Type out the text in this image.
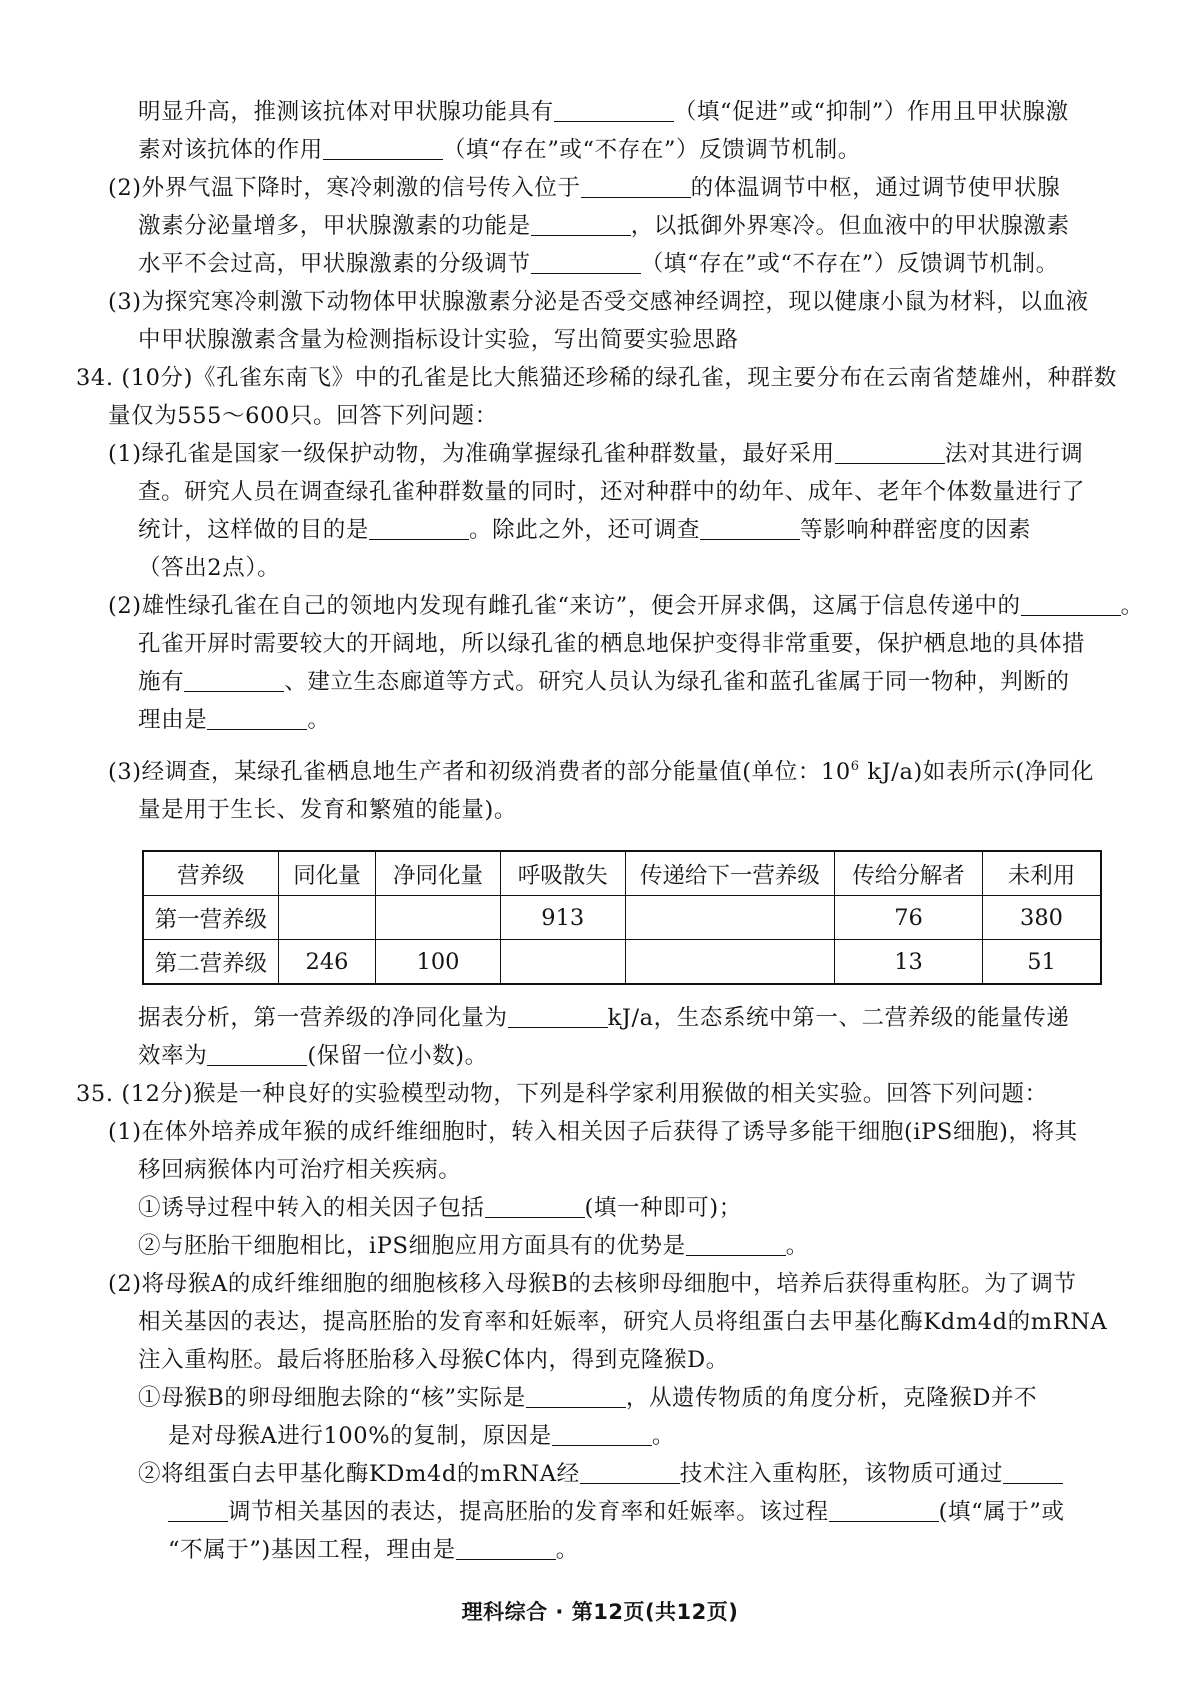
明显升高，推测该抗体对甲状腺功能具有	（填“促进”或“抑制”）作用且甲状腺激
素对该抗体的作用	（填“存在”或“不存在”）反馈调节机制。
(2)外界气温下降时，寒冷刺激的信号传入位于	的体温调节中枢，通过调节使甲状腺
激素分泌量增多，甲状腺激素的功能是	，以抵御外界寒冷。但血液中的甲状腺激素
水平不会过高，甲状腺激素的分级调节	（填“存在”或“不存在”）反馈调节机制。
(3)为探究寒冷刺激下动物体甲状腺激素分泌是否受交感神经调控，现以健康小鼠为材料，以血液
中甲状腺激素含量为检测指标设计实验，写出简要实验思路
34. (10分)《孔雀东南飞》中的孔雀是比大熊猫还珍稀的绿孔雀，现主要分布在云南省楚雄州，种群数
量仅为555～600只。回答下列问题：
(1)绿孔雀是国家一级保护动物，为准确掌握绿孔雀种群数量，最好采用	法对其进行调
查。研究人员在调查绿孔雀种群数量的同时，还对种群中的幼年、成年、老年个体数量进行了
统计，这样做的目的是	。除此之外，还可调查	等影响种群密度的因素
（答出2点）。
(2)雄性绿孔雀在自己的领地内发现有雌孔雀“来访”，便会开屏求偶，这属于信息传递中的	。
孔雀开屏时需要较大的开阔地，所以绿孔雀的栖息地保护变得非常重要，保护栖息地的具体措
施有	、建立生态廊道等方式。研究人员认为绿孔雀和蓝孔雀属于同一物种，判断的
理由是	。
(3)经调查，某绿孔雀栖息地生产者和初级消费者的部分能量值(单位：$10^6$ kJ/a)如表所示(净同化
量是用于生长、发育和繁殖的能量)。
营养级	同化量	净同化量	呼吸散失	传递给下一营养级	传给分解者	未利用
第一营养级			913		76	380
第二营养级	246	100			13	51
据表分析，第一营养级的净同化量为	kJ/a，生态系统中第一、二营养级的能量传递
效率为	(保留一位小数)。
35. (12分)猴是一种良好的实验模型动物，下列是科学家利用猴做的相关实验。回答下列问题：
(1)在体外培养成年猴的成纤维细胞时，转入相关因子后获得了诱导多能干细胞(iPS细胞)，将其
移回病猴体内可治疗相关疾病。
①诱导过程中转入的相关因子包括	(填一种即可)；
②与胚胎干细胞相比，iPS细胞应用方面具有的优势是	。
(2)将母猴A的成纤维细胞的细胞核移入母猴B的去核卵母细胞中，培养后获得重构胚。为了调节
相关基因的表达，提高胚胎的发育率和妊娠率，研究人员将组蛋白去甲基化酶Kdm4d的mRNA
注入重构胚。最后将胚胎移入母猴C体内，得到克隆猴D。
①母猴B的卵母细胞去除的“核”实际是	，从遗传物质的角度分析，克隆猴D并不
是对母猴A进行100%的复制，原因是	。
②将组蛋白去甲基化酶KDm4d的mRNA经	技术注入重构胚，该物质可通过
调节相关基因的表达，提高胚胎的发育率和妊娠率。该过程	(填“属于”或
“不属于”)基因工程，理由是	。
理科综合 · 第12页(共12页)
